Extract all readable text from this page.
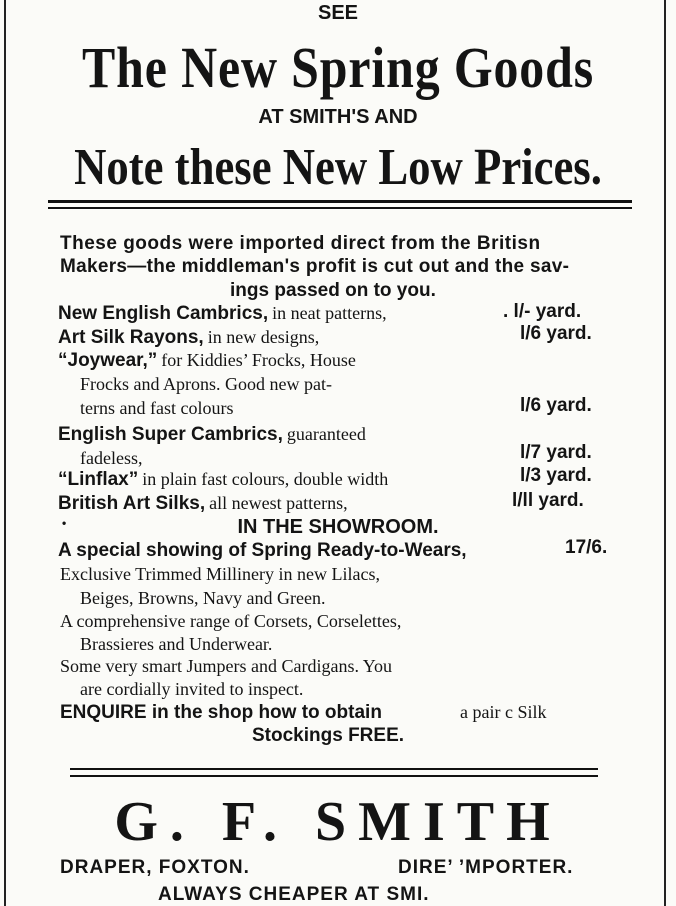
SEE
The New Spring Goods
AT SMITH'S AND
Note these New Low Prices.
These goods were imported direct from the Britisn
Makers—the middleman's profit is cut out and the sav-
ings passed on to you.
New English Cambrics, in neat patterns,	. l/- yard.
Art Silk Rayons, in new designs,	l/6 yard.
“Joywear,” for Kiddies’ Frocks, House
Frocks and Aprons. Good new pat-
terns and fast colours	l/6 yard.
English Super Cambrics, guaranteed
fadeless,	l/7 yard.
“Linflax” in plain fast colours, double width	l/3 yard.
British Art Silks, all newest patterns,	l/ll yard.
•	IN THE SHOWROOM.
A special showing of Spring Ready-to-Wears,	17/6.
Exclusive Trimmed Millinery in new Lilacs,
Beiges, Browns, Navy and Green.
A comprehensive range of Corsets, Corselettes,
Brassieres and Underwear.
Some very smart Jumpers and Cardigans. You
are cordially invited to inspect.
ENQUIRE in the shop how to obtain	a pair c Silk
Stockings FREE.
G. F. SMITH
DRAPER, FOXTON.	DIRE’ ’MPORTER.
ALWAYS CHEAPER AT SMI.
